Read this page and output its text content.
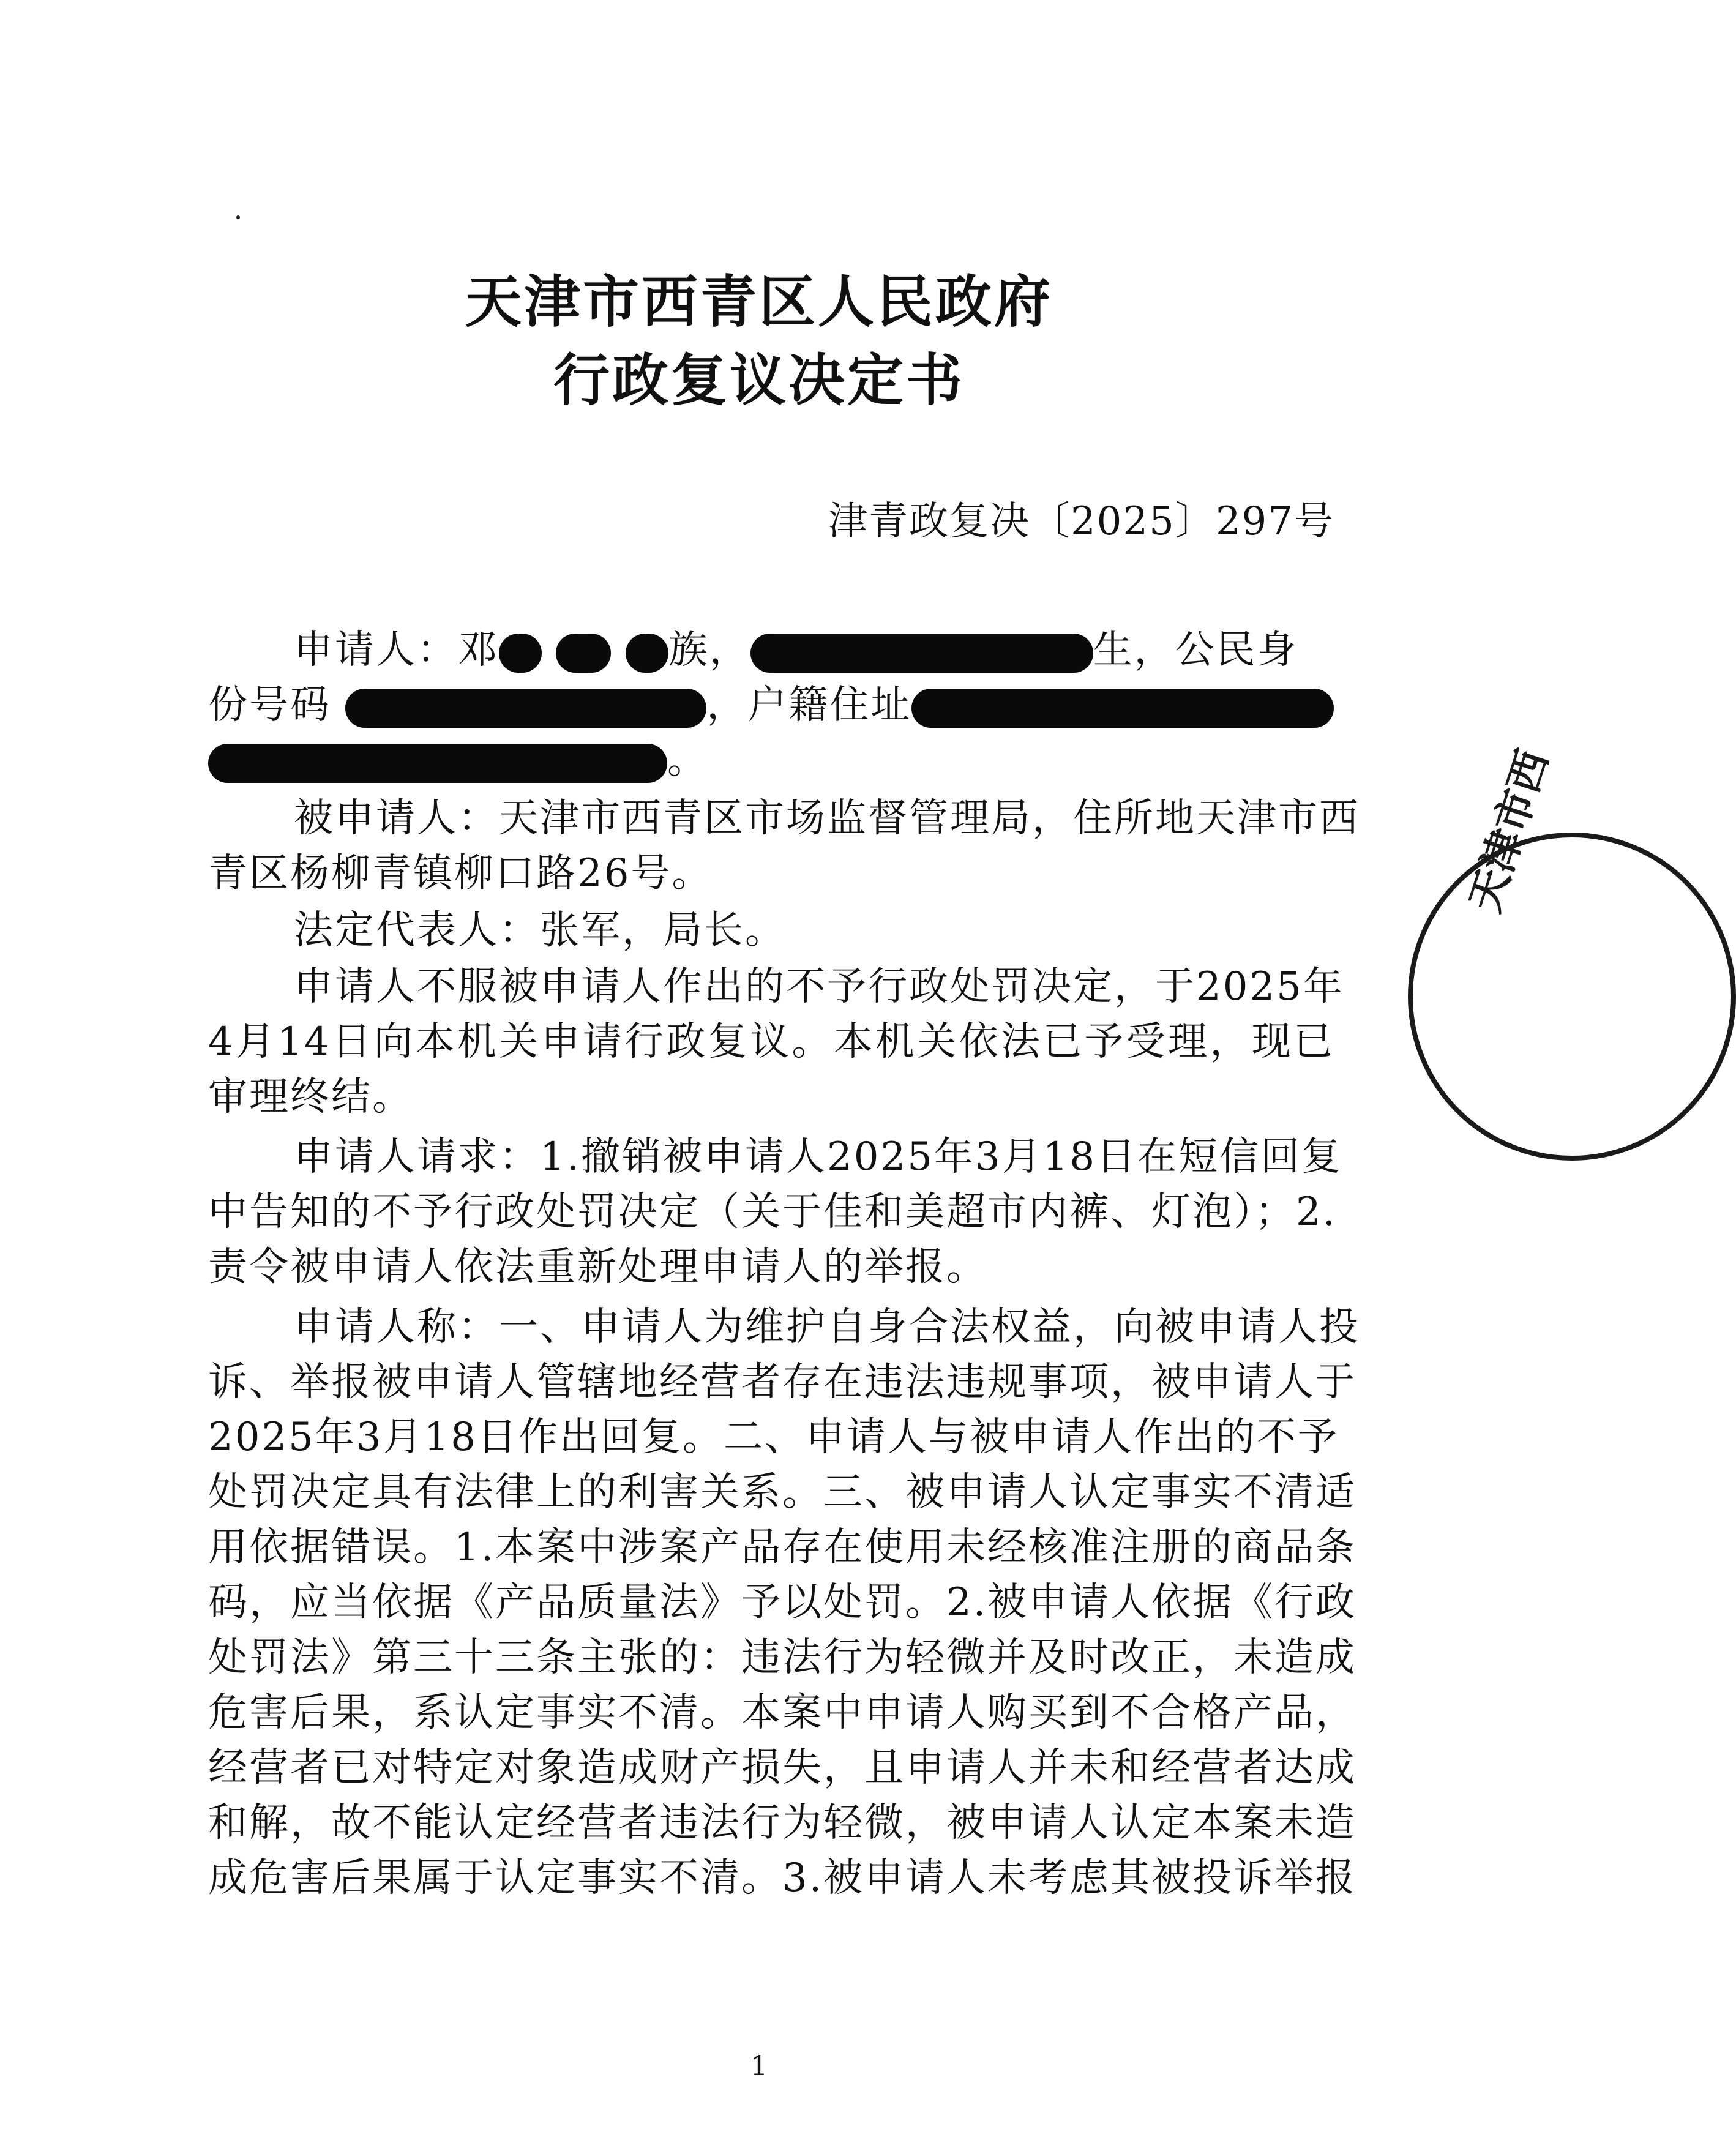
天津市西青区人民政府
行政复议决定书
津青政复决〔2025〕297号
申请人：邓	族，	生，公民身
份号码	，户籍住址
。
被申请人：天津市西青区市场监督管理局，住所地天津市西
青区杨柳青镇柳口路26号。
法定代表人：张军，局长。
申请人不服被申请人作出的不予行政处罚决定，于2025年
4月14日向本机关申请行政复议。本机关依法已予受理，现已
审理终结。
申请人请求：1.撤销被申请人2025年3月18日在短信回复
中告知的不予行政处罚决定（关于佳和美超市内裤、灯泡）；2.
责令被申请人依法重新处理申请人的举报。
申请人称：一、申请人为维护自身合法权益，向被申请人投
诉、举报被申请人管辖地经营者存在违法违规事项，被申请人于
2025年3月18日作出回复。二、申请人与被申请人作出的不予
处罚决定具有法律上的利害关系。三、被申请人认定事实不清适
用依据错误。1.本案中涉案产品存在使用未经核准注册的商品条
码，应当依据《产品质量法》予以处罚。2.被申请人依据《行政
处罚法》第三十三条主张的：违法行为轻微并及时改正，未造成
危害后果，系认定事实不清。本案中申请人购买到不合格产品，
经营者已对特定对象造成财产损失，且申请人并未和经营者达成
和解，故不能认定经营者违法行为轻微，被申请人认定本案未造
成危害后果属于认定事实不清。3.被申请人未考虑其被投诉举报
1
天津市西
